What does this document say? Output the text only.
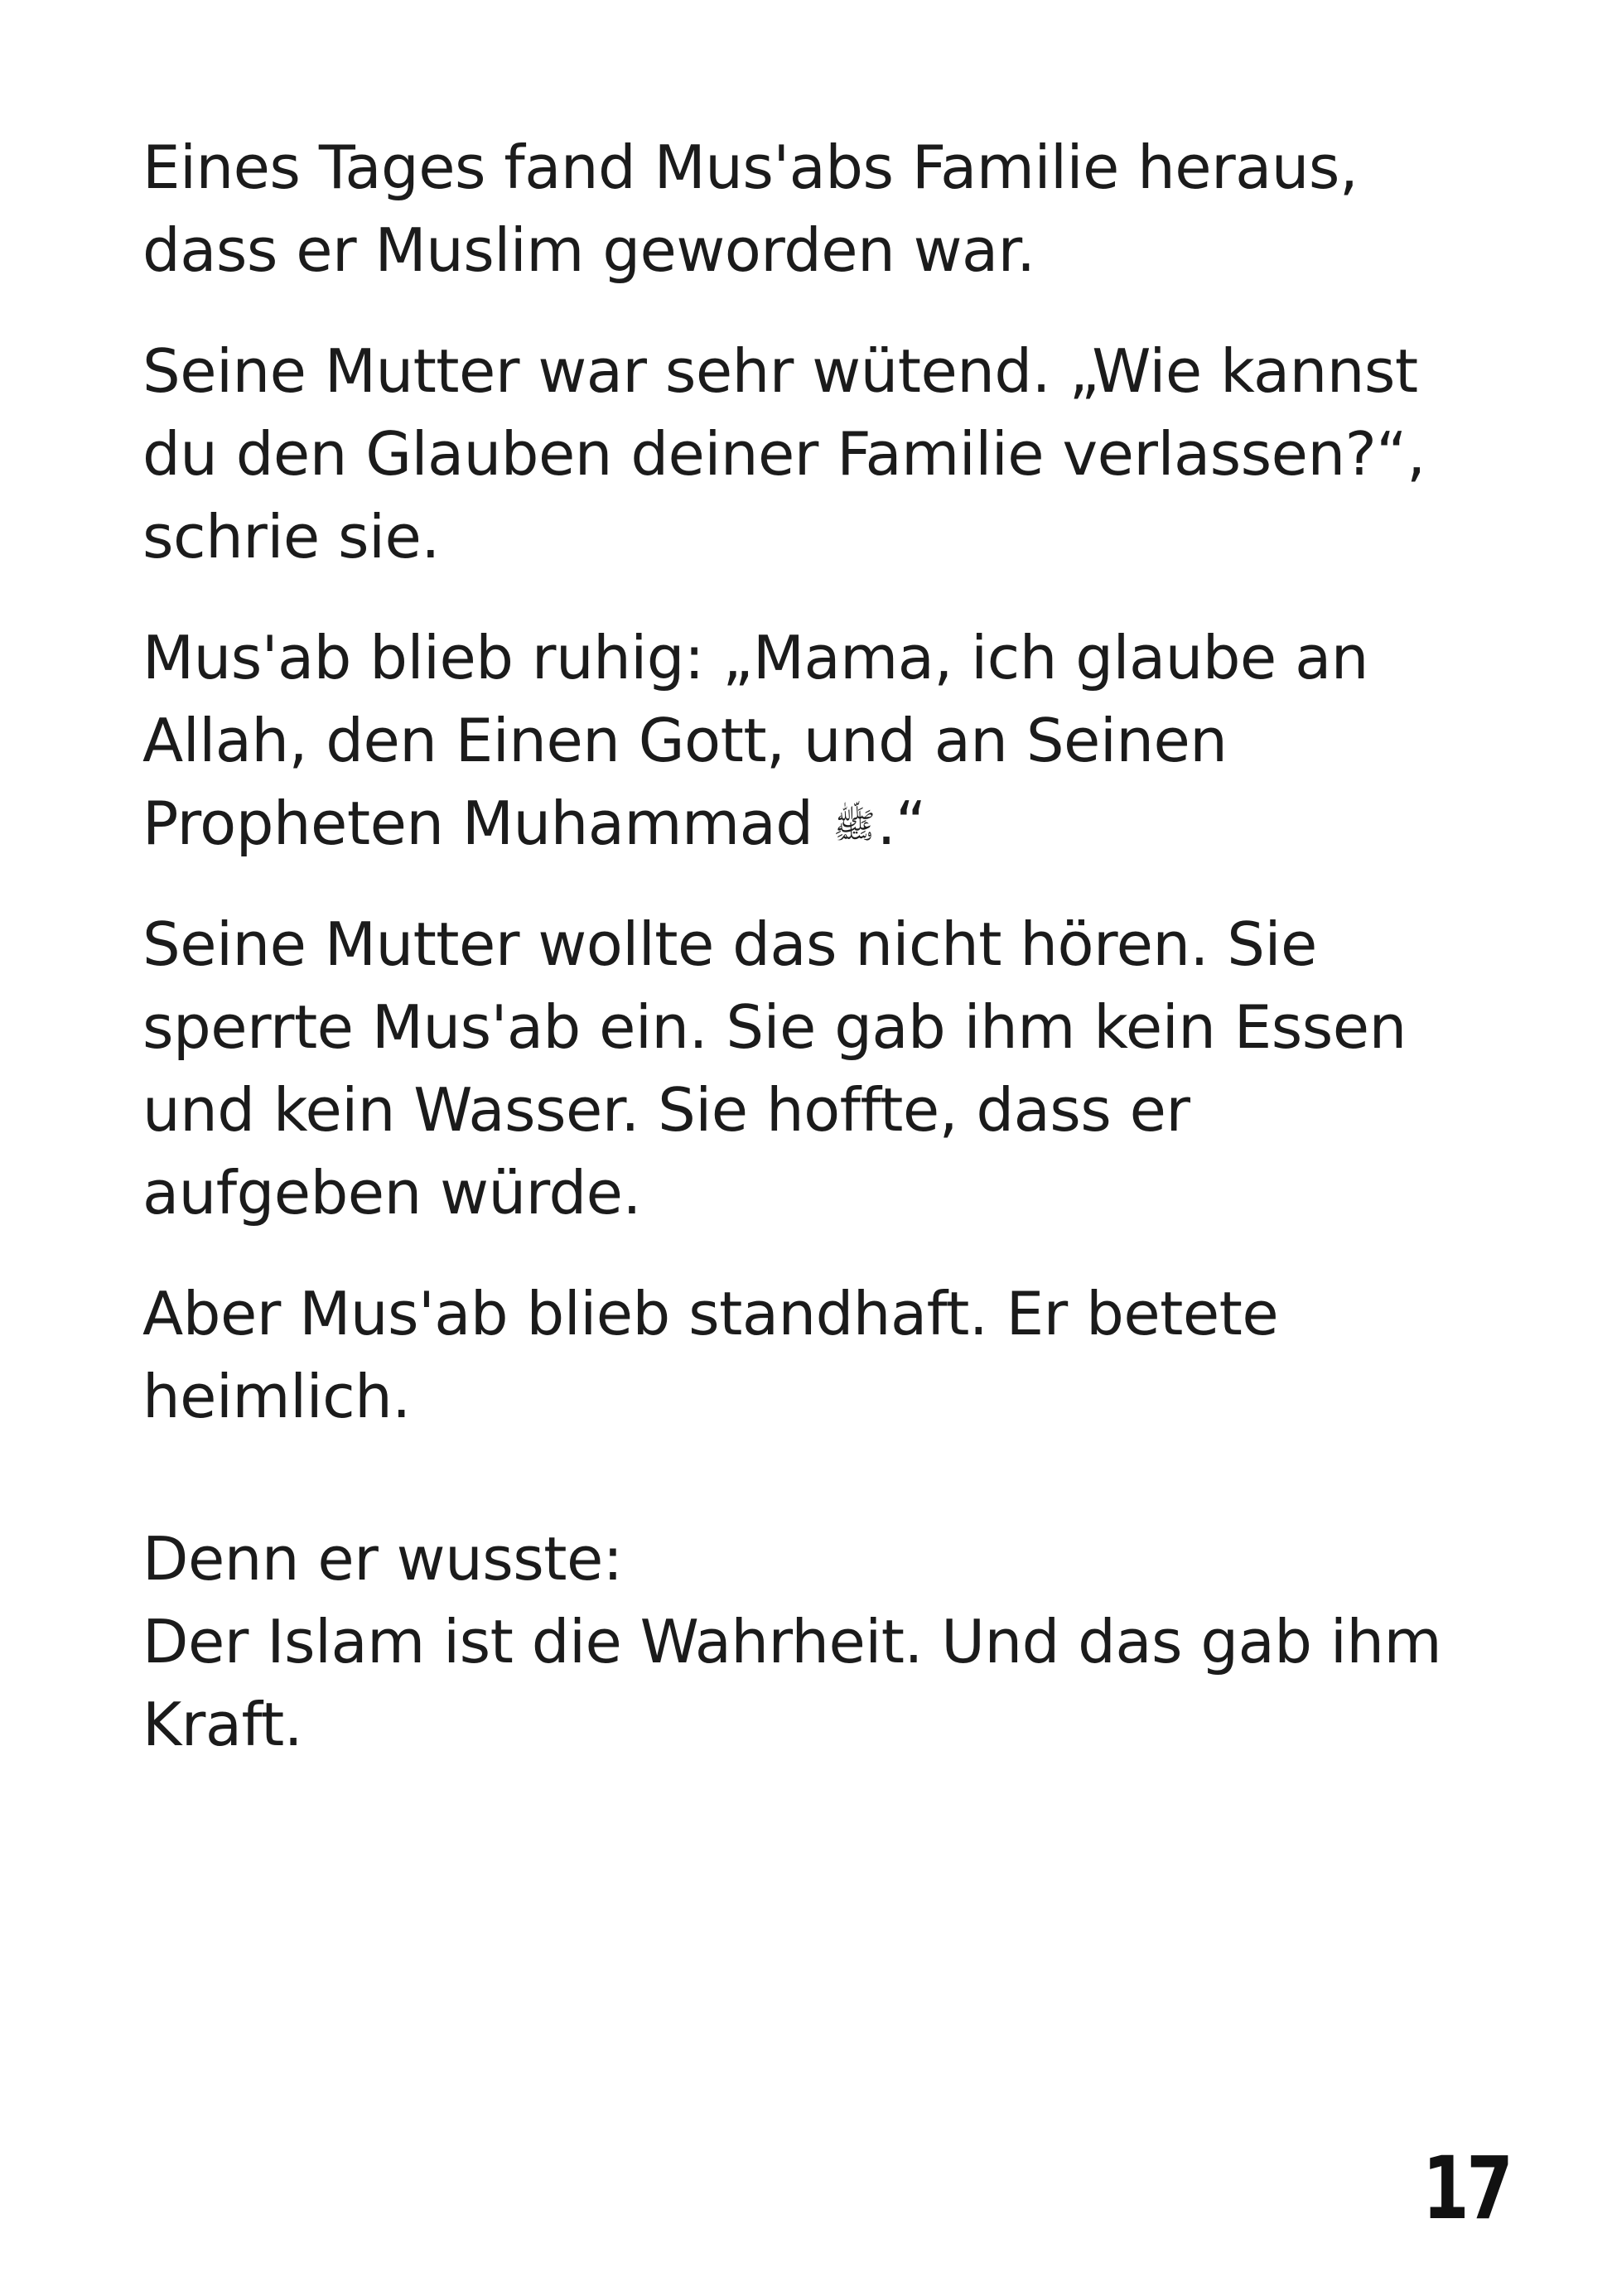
Eines Tages fand Mus'abs Familie heraus,
dass er Muslim geworden war.

Seine Mutter war sehr wütend. „Wie kannst
du den Glauben deiner Familie verlassen?“,
schrie sie.

Mus'ab blieb ruhig: „Mama, ich glaube an
Allah, den Einen Gott, und an Seinen
Propheten Muhammad ﷺ.“

Seine Mutter wollte das nicht hören. Sie
sperrte Mus'ab ein. Sie gab ihm kein Essen
und kein Wasser. Sie hoffte, dass er
aufgeben würde.

Aber Mus'ab blieb standhaft. Er betete
heimlich.

Denn er wusste:
Der Islam ist die Wahrheit. Und das gab ihm
Kraft.

17
